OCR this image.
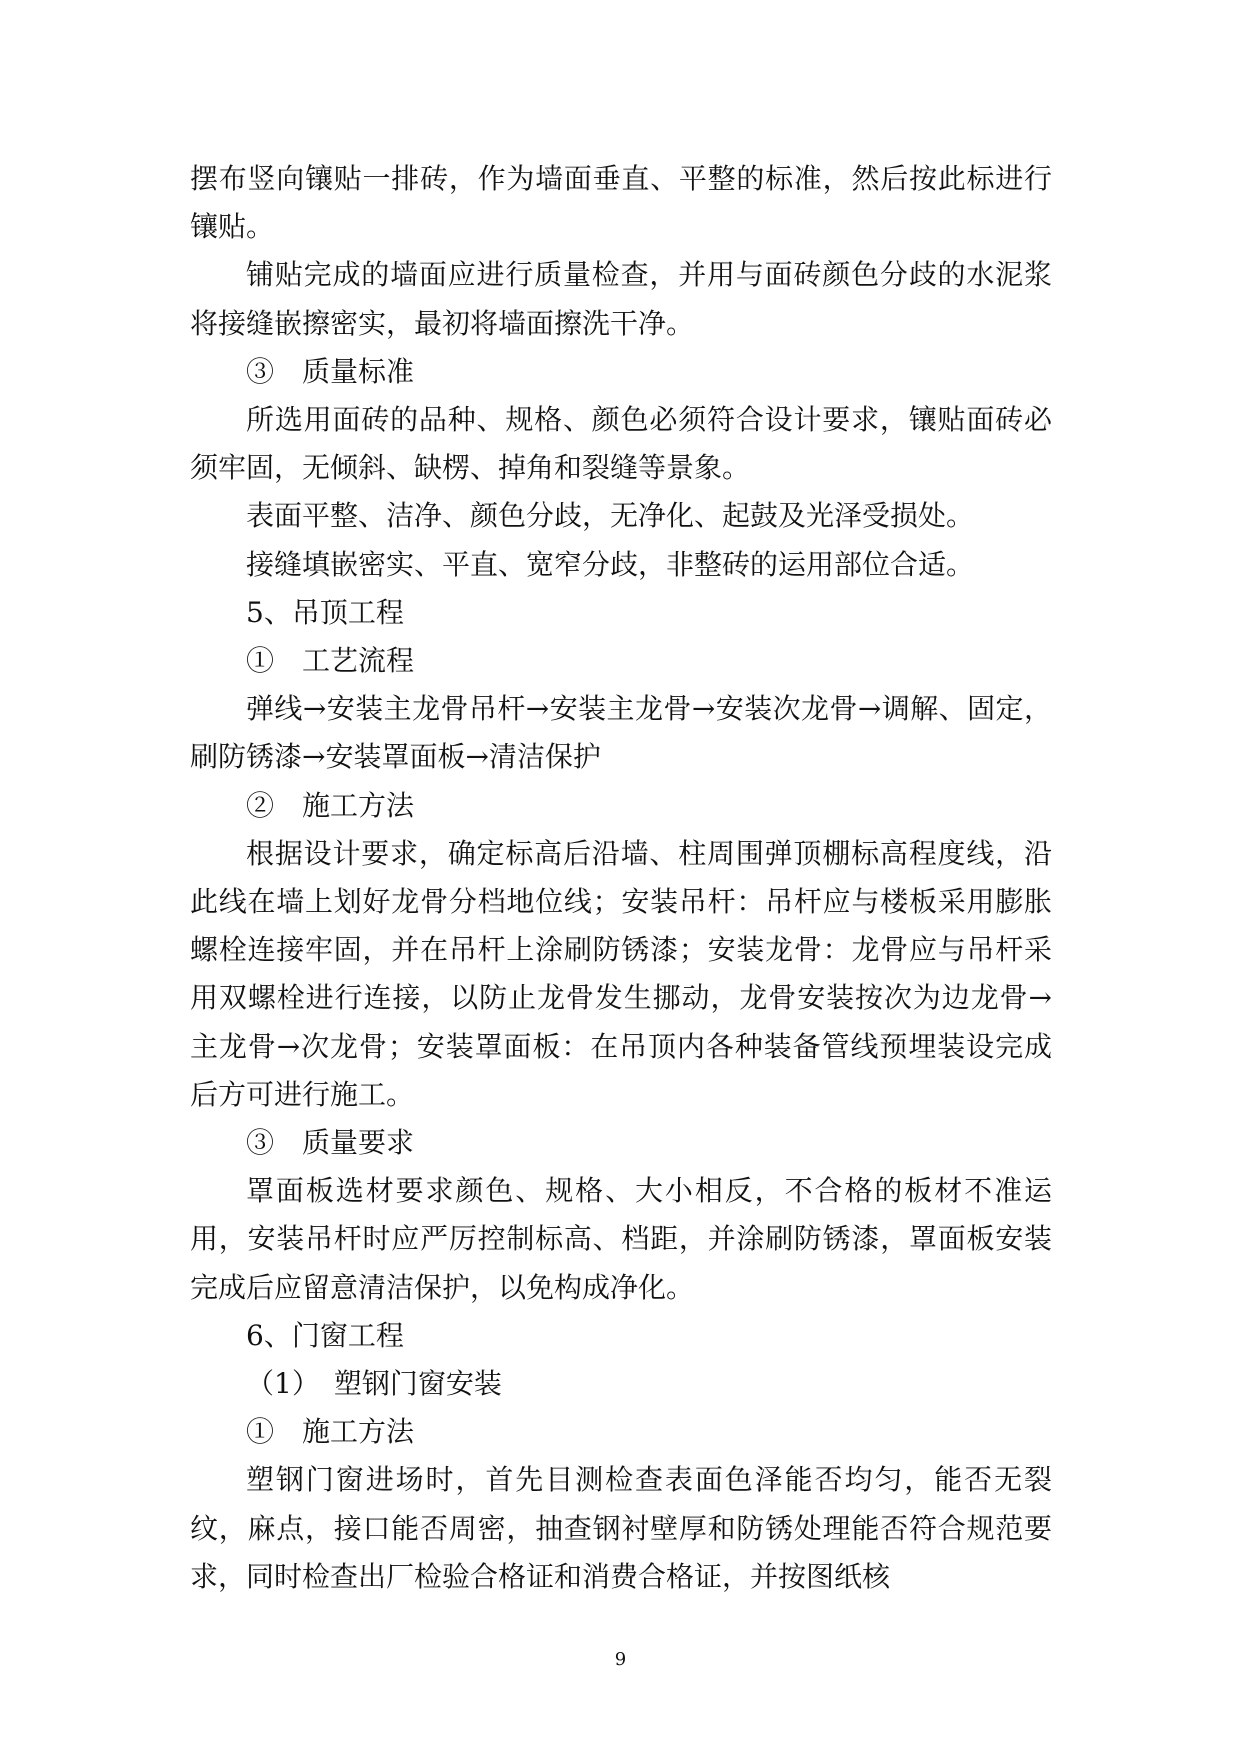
摆布竖向镶贴一排砖，作为墙面垂直、平整的标准，然后按此标进行镶贴。

铺贴完成的墙面应进行质量检查，并用与面砖颜色分歧的水泥浆将接缝嵌擦密实，最初将墙面擦洗干净。

③　质量标准

所选用面砖的品种、规格、颜色必须符合设计要求，镶贴面砖必须牢固，无倾斜、缺楞、掉角和裂缝等景象。

表面平整、洁净、颜色分歧，无净化、起鼓及光泽受损处。

接缝填嵌密实、平直、宽窄分歧，非整砖的运用部位合适。

5、吊顶工程

①　工艺流程

弹线→安装主龙骨吊杆→安装主龙骨→安装次龙骨→调解、固定，刷防锈漆→安装罩面板→清洁保护

②　施工方法

根据设计要求，确定标高后沿墙、柱周围弹顶棚标高程度线，沿此线在墙上划好龙骨分档地位线；安装吊杆：吊杆应与楼板采用膨胀螺栓连接牢固，并在吊杆上涂刷防锈漆；安装龙骨：龙骨应与吊杆采用双螺栓进行连接，以防止龙骨发生挪动，龙骨安装按次为边龙骨→主龙骨→次龙骨；安装罩面板：在吊顶内各种装备管线预埋装设完成后方可进行施工。

③　质量要求

罩面板选材要求颜色、规格、大小相反，不合格的板材不准运用，安装吊杆时应严厉控制标高、档距，并涂刷防锈漆，罩面板安装完成后应留意清洁保护，以免构成净化。

6、门窗工程

（1）　塑钢门窗安装

①　施工方法

塑钢门窗进场时，首先目测检查表面色泽能否均匀，能否无裂纹，麻点，接口能否周密，抽查钢衬壁厚和防锈处理能否符合规范要求，同时检查出厂检验合格证和消费合格证，并按图纸核

9
